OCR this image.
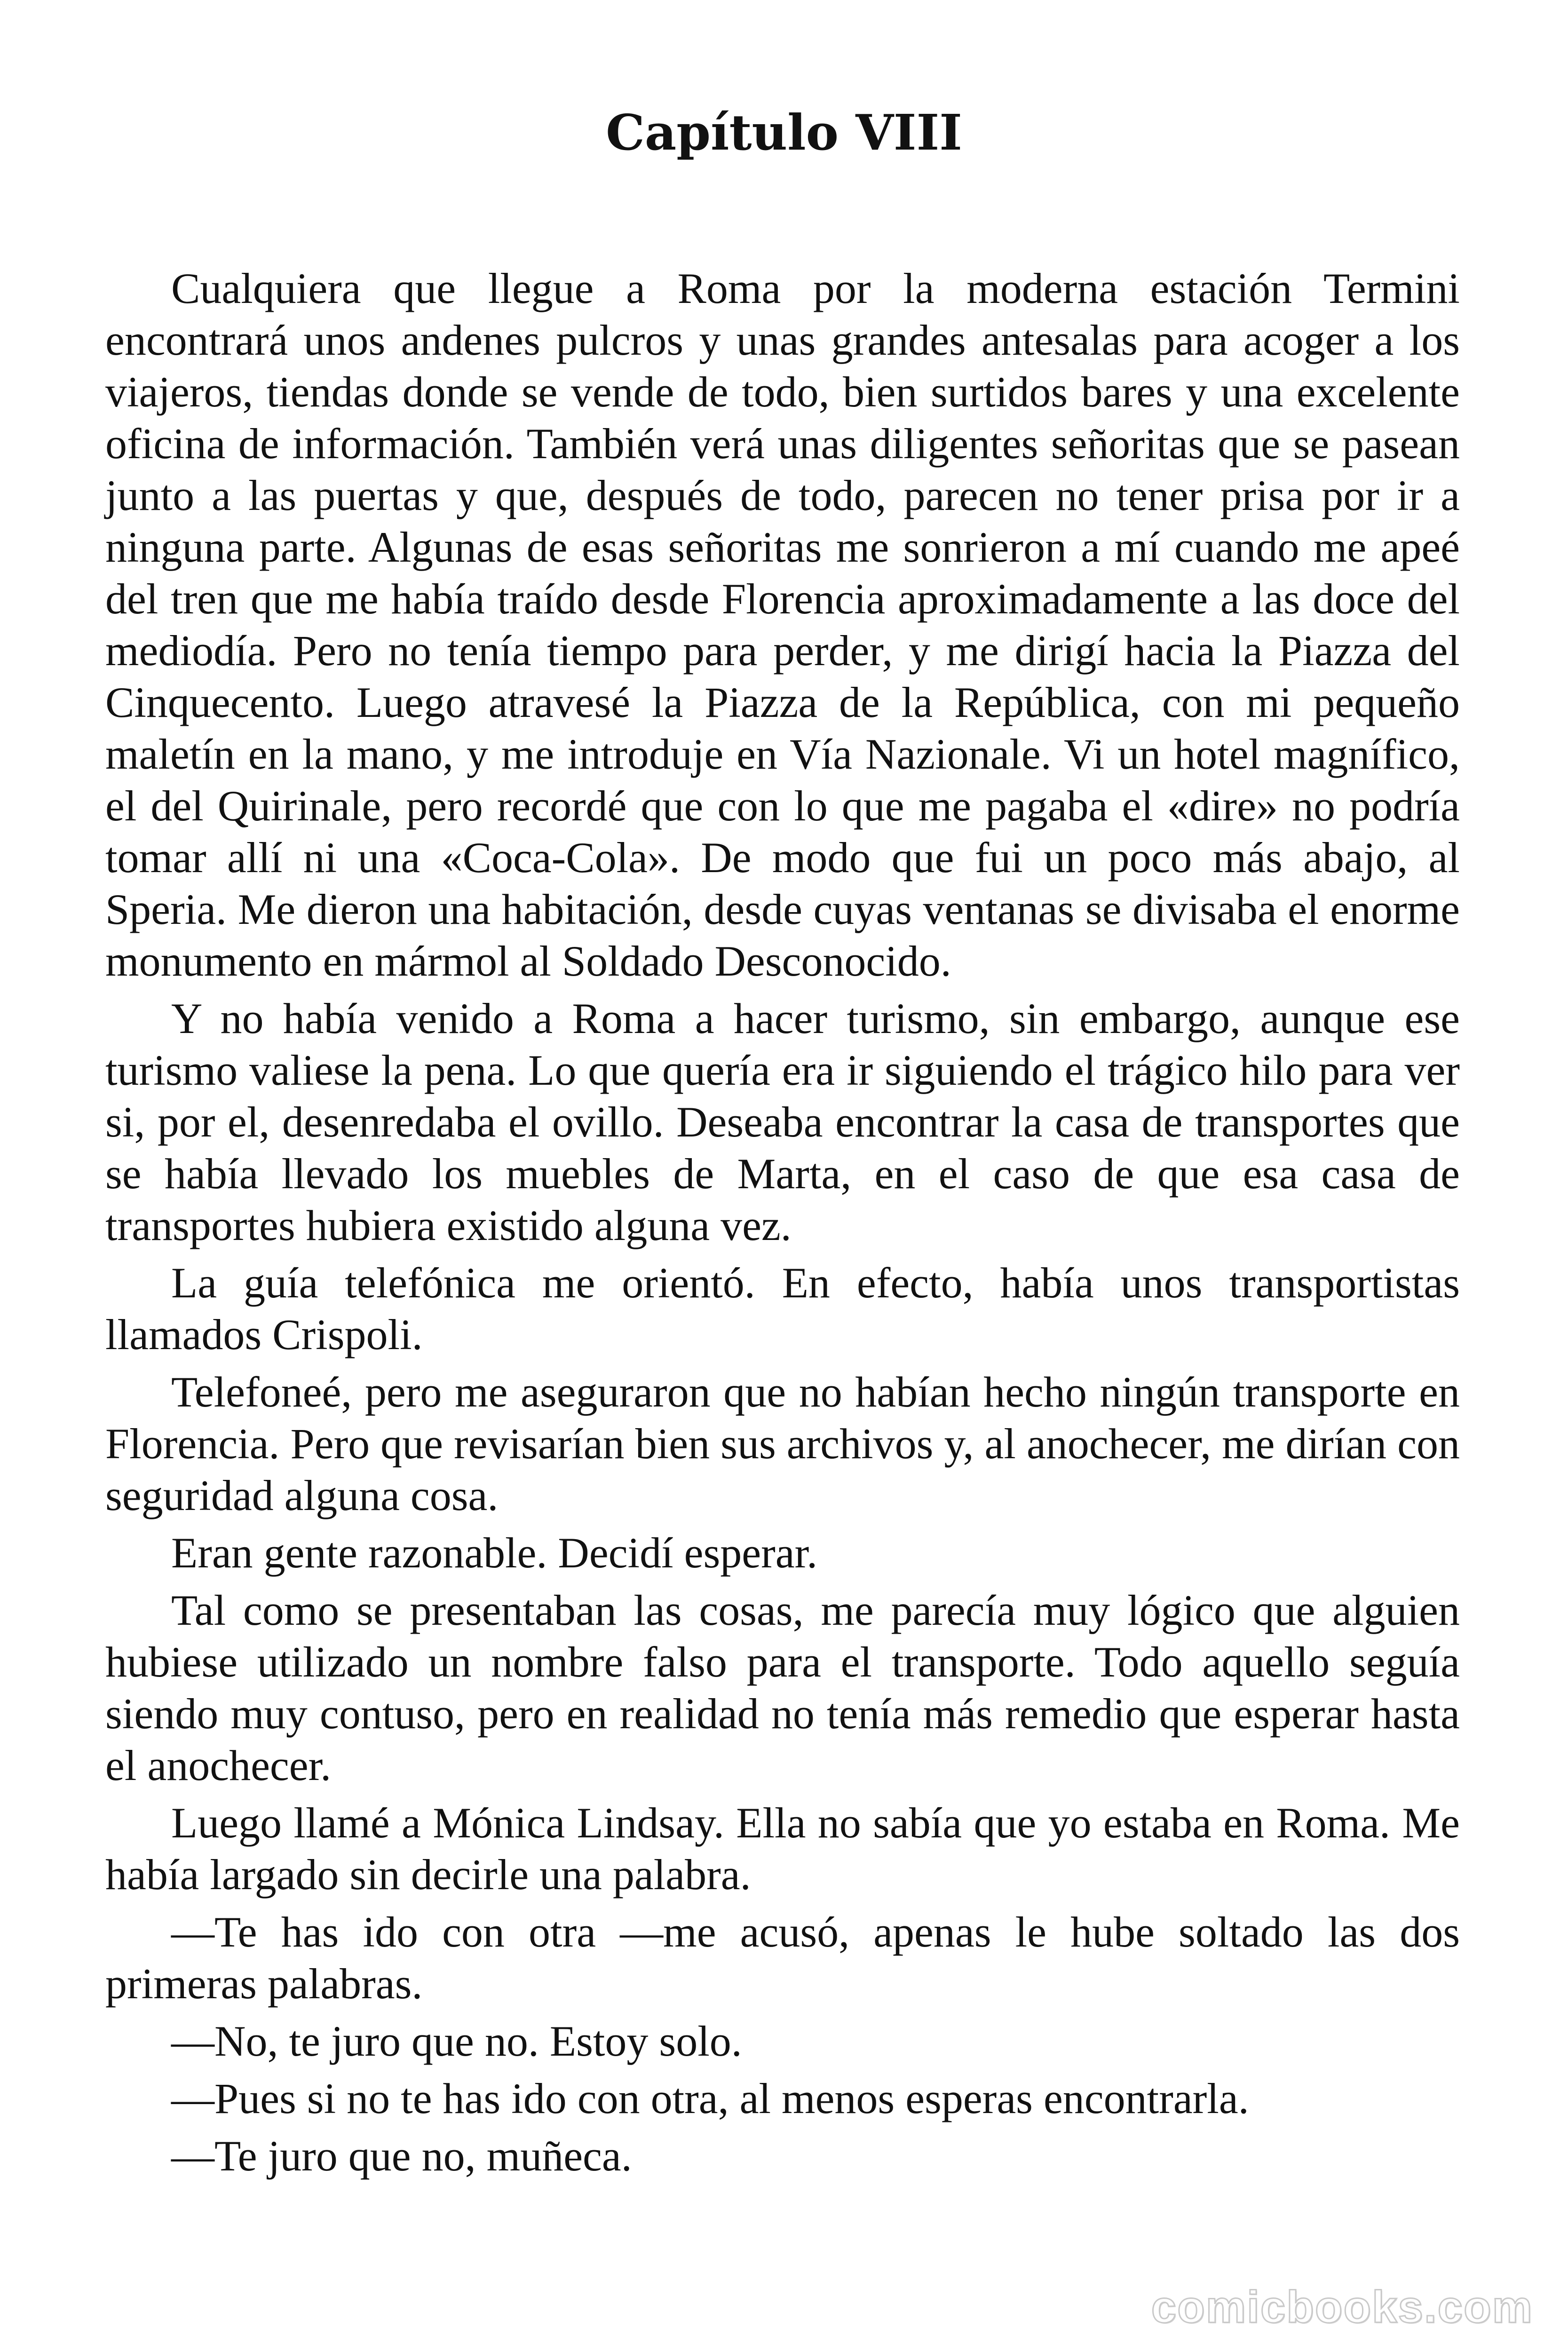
Capítulo VIII

Cualquiera que llegue a Roma por la moderna estación Termini encontrará unos andenes pulcros y unas grandes antesalas para acoger a los viajeros, tiendas donde se vende de todo, bien surtidos bares y una excelente oficina de información. También verá unas diligentes señoritas que se pasean junto a las puertas y que, después de todo, parecen no tener prisa por ir a ninguna parte. Algunas de esas señoritas me sonrieron a mí cuando me apeé del tren que me había traído desde Florencia aproximadamente a las doce del mediodía. Pero no tenía tiempo para perder, y me dirigí hacia la Piazza del Cinquecento. Luego atravesé la Piazza de la República, con mi pequeño maletín en la mano, y me introduje en Vía Nazionale. Vi un hotel magnífico, el del Quirinale, pero recordé que con lo que me pagaba el «dire» no podría tomar allí ni una «Coca-Cola». De modo que fui un poco más abajo, al Speria. Me dieron una habitación, desde cuyas ventanas se divisaba el enorme monumento en mármol al Soldado Desconocido.

Y no había venido a Roma a hacer turismo, sin embargo, aunque ese turismo valiese la pena. Lo que quería era ir siguiendo el trágico hilo para ver si, por el, desenredaba el ovillo. Deseaba encontrar la casa de transportes que se había llevado los muebles de Marta, en el caso de que esa casa de transportes hubiera existido alguna vez.

La guía telefónica me orientó. En efecto, había unos transportistas llamados Crispoli.

Telefoneé, pero me aseguraron que no habían hecho ningún transporte en Florencia. Pero que revisarían bien sus archivos y, al anochecer, me dirían con seguridad alguna cosa.

Eran gente razonable. Decidí esperar.

Tal como se presentaban las cosas, me parecía muy lógico que alguien hubiese utilizado un nombre falso para el transporte. Todo aquello seguía siendo muy contuso, pero en realidad no tenía más remedio que esperar hasta el anochecer.

Luego llamé a Mónica Lindsay. Ella no sabía que yo estaba en Roma. Me había largado sin decirle una palabra.

—Te has ido con otra —me acusó, apenas le hube soltado las dos primeras palabras.

—No, te juro que no. Estoy solo.

—Pues si no te has ido con otra, al menos esperas encontrarla.

—Te juro que no, muñeca.

comicbooks.com
